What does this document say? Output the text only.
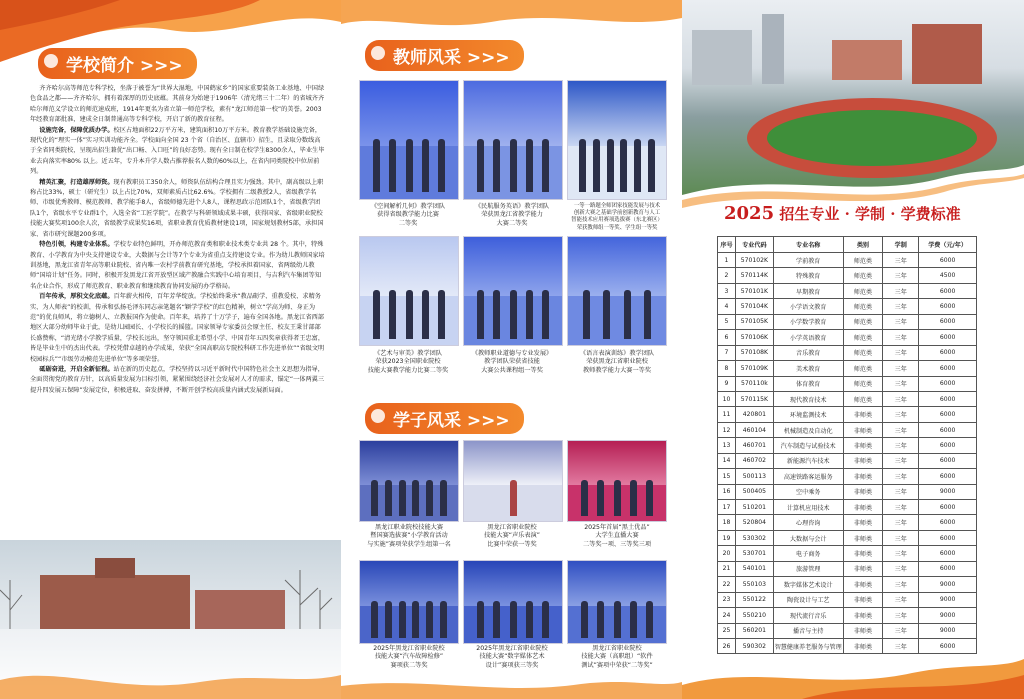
学校简介 >>>

齐齐哈尔高等师范专科学校，坐落于被誉为“世界大湿地，中国鹤家乡”的国家重要装备工业基地、中国绿色食品之都——齐齐哈尔，拥有着深厚的历史底蕴。其前身为始建于1906年（清光绪三十二年）的省城齐齐哈尔师范义学设立的师范速成班，1914年更名为省立第一师范学校，素有“龙江师范第一校”的美誉。2003 年经教育部批准，建成全日制普通高等专科学校，开启了新的教育征程。

设施完备，保障优质办学。校区占地面积22万平方米，建筑面积10万平方米。教育教学基础设施完备，现代化的“理实一体”实习实训功能齐全。学校面向全国 23 个省（自治区、直辖市）招生，且录取分数线高于全省同类院校，呈现出招生兼优“出口畅、入口旺”的良好态势。现有全日制在校学生8300余人，毕业生毕业去向落实率80% 以上。近五年，专升本升学人数占推荐报名人数的60%以上，在省内同类院校中位居前列。

精英汇聚，打造雄厚师资。现有教职员工350余人，师资队伍结构合理且实力强劲。其中，副高级以上职称占比33%，硕士（研究生）以上占比70%，双师素质占比62.6%。学校拥有二级教授2人，省级教学名师、市级优秀教师、模范教师、教学能手8人，省级师德先进个人8人，课程思政示范团队1个，省级教学团队1个，省级水平专业群1个，入选全省“工匠学院”。在教学与科研领域成果丰硕，获得国家、省级职业院校技能大赛奖项100余人次，省级教学成果奖16项，省职业教育优质教材建设1项，国家规划教材5部，承担国家、省市研究课题200多项。

特色引领，构建专业体系。学校专业特色鲜明，开办师范教育类和职业技术类专业共 28 个。其中，特殊教育、小学教育为中央支持建设专业，大数据与会计等7个专业为省重点支持建设专业。作为幼儿教师国家培训基地，黑龙江省青年高等职业院校、省内唯一农村学前教育研究基地，学校承担着国家、省两级幼儿教师“国培计划”任务。同时，积极开发黑龙江省开放型区域产教融合实践中心培育项目，与吉利汽车集团等知名企业合作，形成了师范教育、职业教育和继续教育协同发展的办学格局。

百年传承，厚积文化底蕴。百年薪火相传，百年芳华绽放。学校始终秉承“教品砺学、重教爱校、求精务实、为人师表”的校训，传承和弘扬毛泽东同志亲笔题名“颖学学校”的红色精神，树立“学高为师、身正为范”的优良师风，将立德树人、立教报国作为使命。百年来，培养了十万学子，遍布全国各地。黑龙江省西部地区大部分幼师毕业于此，是幼儿园园长、小学校长的摇篮。国家领导专家委员会原主任、校友王秉甘部部长盛赞称，“清光绪小学教学质量，学校长远出，坚守领国重北希望小学、中国青年五四奖章获得者王忠富，皆是毕业生中的杰出代表。学校凭借卓越的办学成果，荣获“全国高职高专院校科研工作先进单位”“省级文明校园标兵”“市级劳动模范先进单位”等多项荣誉。

砥砺奋进，开启全新征程。站在新的历史起点，学校坚持以习近平新时代中国特色社会主义思想为指导，全面贯彻党的教育方针，以高质量发展为目标引领，紧紧围绕经济社会发展对人才的需求，锚定“一体两翼三提升四发展五保障”发展定位，积极进取、奋发拼搏，不断开创学校高质量内涵式发展新局面。

教师风采 >>>
《空间解析几何》教学团队
获得省级教学能力比赛
二等奖
《民航服务英语》教学团队
荣获黑龙江省教学能力
大赛二等奖
一等一路题全师团家技能发展与技术
创新大赛之基础学前创新教育与人工
智能技术应用赛项选拔赛（东北赛区）
荣获教师组一等奖、学生组一等奖
《艺术与审美》教学团队
荣获2023全国职业院校
技能大赛教学能力比赛二等奖
《教师职业道德与专业发展》
教学团队荣获省技能
大赛公共课程组一等奖
《语言表演训练》教学团队
荣获黑龙江省职业院校
教师教学能力大赛一等奖
学子风采 >>>
黑龙江职业院校技能大赛
暨国赛选拔赛“小学教育活动
与实施”赛项荣获学生组第一名
黑龙江省职业院校
技能大赛“声乐表演”
比赛中荣获一等奖
2025年首届“黑土优品”
大学生直播大赛
二等奖一项、三等奖三项
2025年黑龙江省职业院校
技能大赛“汽车故障检修”
赛项获二等奖
2025年黑龙江省职业院校
技能大赛“数字媒体艺术
设计”赛项获三等奖
黑龙江省职业院校
技能大赛（高职组）“软件
测试”赛项中荣获“二等奖”
2025 招生专业 · 学制 · 学费标准
序号	专业代码	专业名称	类别	学制	学费（元/年）
1	570102K	学前教育	师范类	三年	6000
2	570114K	特殊教育	师范类	三年	4500
3	570101K	早期教育	师范类	三年	6000
4	570104K	小学语文教育	师范类	三年	6000
5	570105K	小学数学教育	师范类	三年	6000
6	570106K	小学英语教育	师范类	三年	6000
7	570108K	音乐教育	师范类	三年	6000
8	570109K	美术教育	师范类	三年	6000
9	570110k	体育教育	师范类	三年	6000
10	570115K	现代教育技术	师范类	三年	6000
11	420801	环境监测技术	非师类	三年	6000
12	460104	机械制造及自动化	非师类	三年	6000
13	460701	汽车制造与试验技术	非师类	三年	6000
14	460702	新能源汽车技术	非师类	三年	6000
15	500113	高速铁路客运服务	非师类	三年	6000
16	500405	空中乘务	非师类	三年	9000
17	510201	计算机应用技术	非师类	三年	6000
18	520804	心理咨询	非师类	三年	6000
19	530302	大数据与会计	非师类	三年	6000
20	530701	电子商务	非师类	三年	6000
21	540101	旅游管理	非师类	三年	6000
22	550103	数字媒体艺术设计	非师类	三年	9000
23	550122	陶瓷设计与工艺	非师类	三年	9000
24	550210	现代流行音乐	非师类	三年	9000
25	560201	播音与主持	非师类	三年	9000
26	590302	智慧健康养老服务与管理	非师类	三年	6000
